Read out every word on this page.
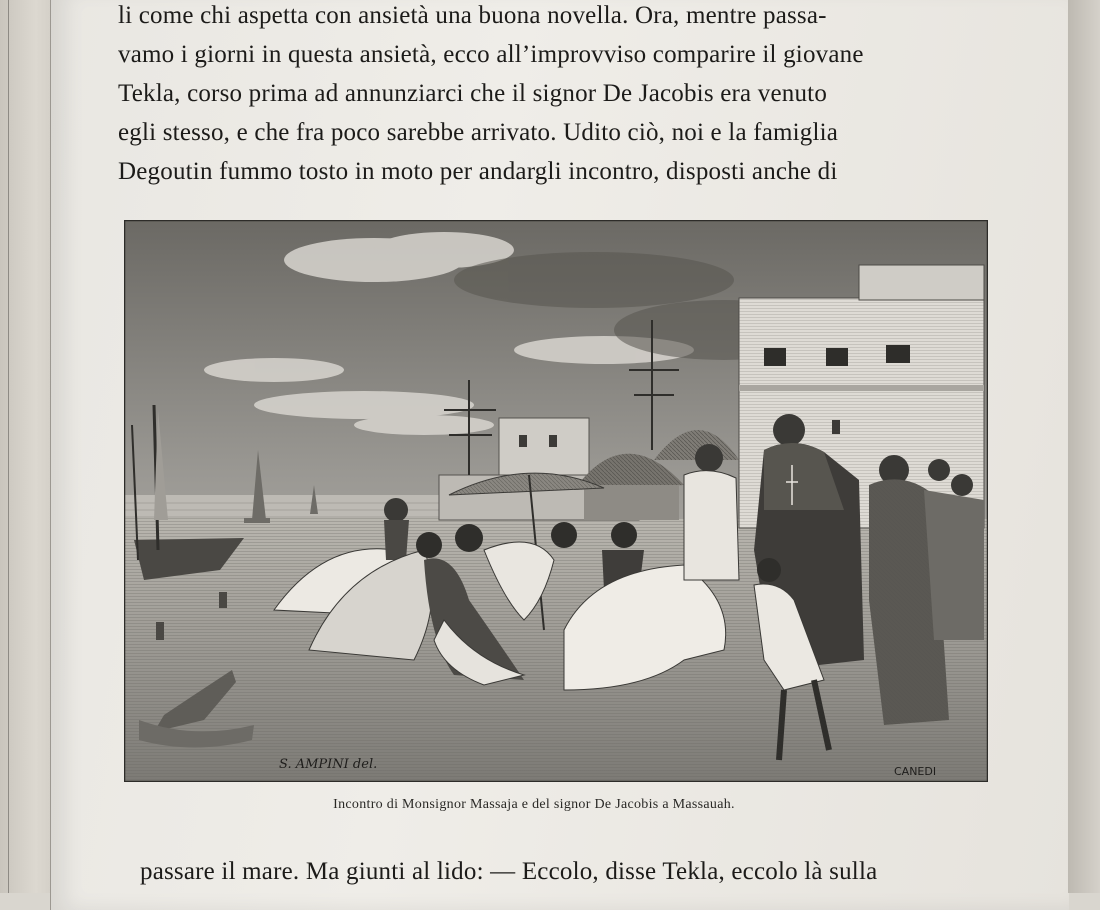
li come chi aspetta con ansietà una buona novella. Ora, mentre passa-
vamo i giorni in questa ansietà, ecco all’improvviso comparire il giovane
Tekla, corso prima ad annunziarci che il signor De Jacobis era venuto
egli stesso, e che fra poco sarebbe arrivato. Udito ciò, noi e la famiglia
Degoutin fummo tosto in moto per andargli incontro, disposti anche di
S. AMPINI del.	CANEDI
Incontro di Monsignor Massaja e del signor De Jacobis a Massauah.
passare il mare. Ma giunti al lido: — Eccolo, disse Tekla, eccolo là sulla
